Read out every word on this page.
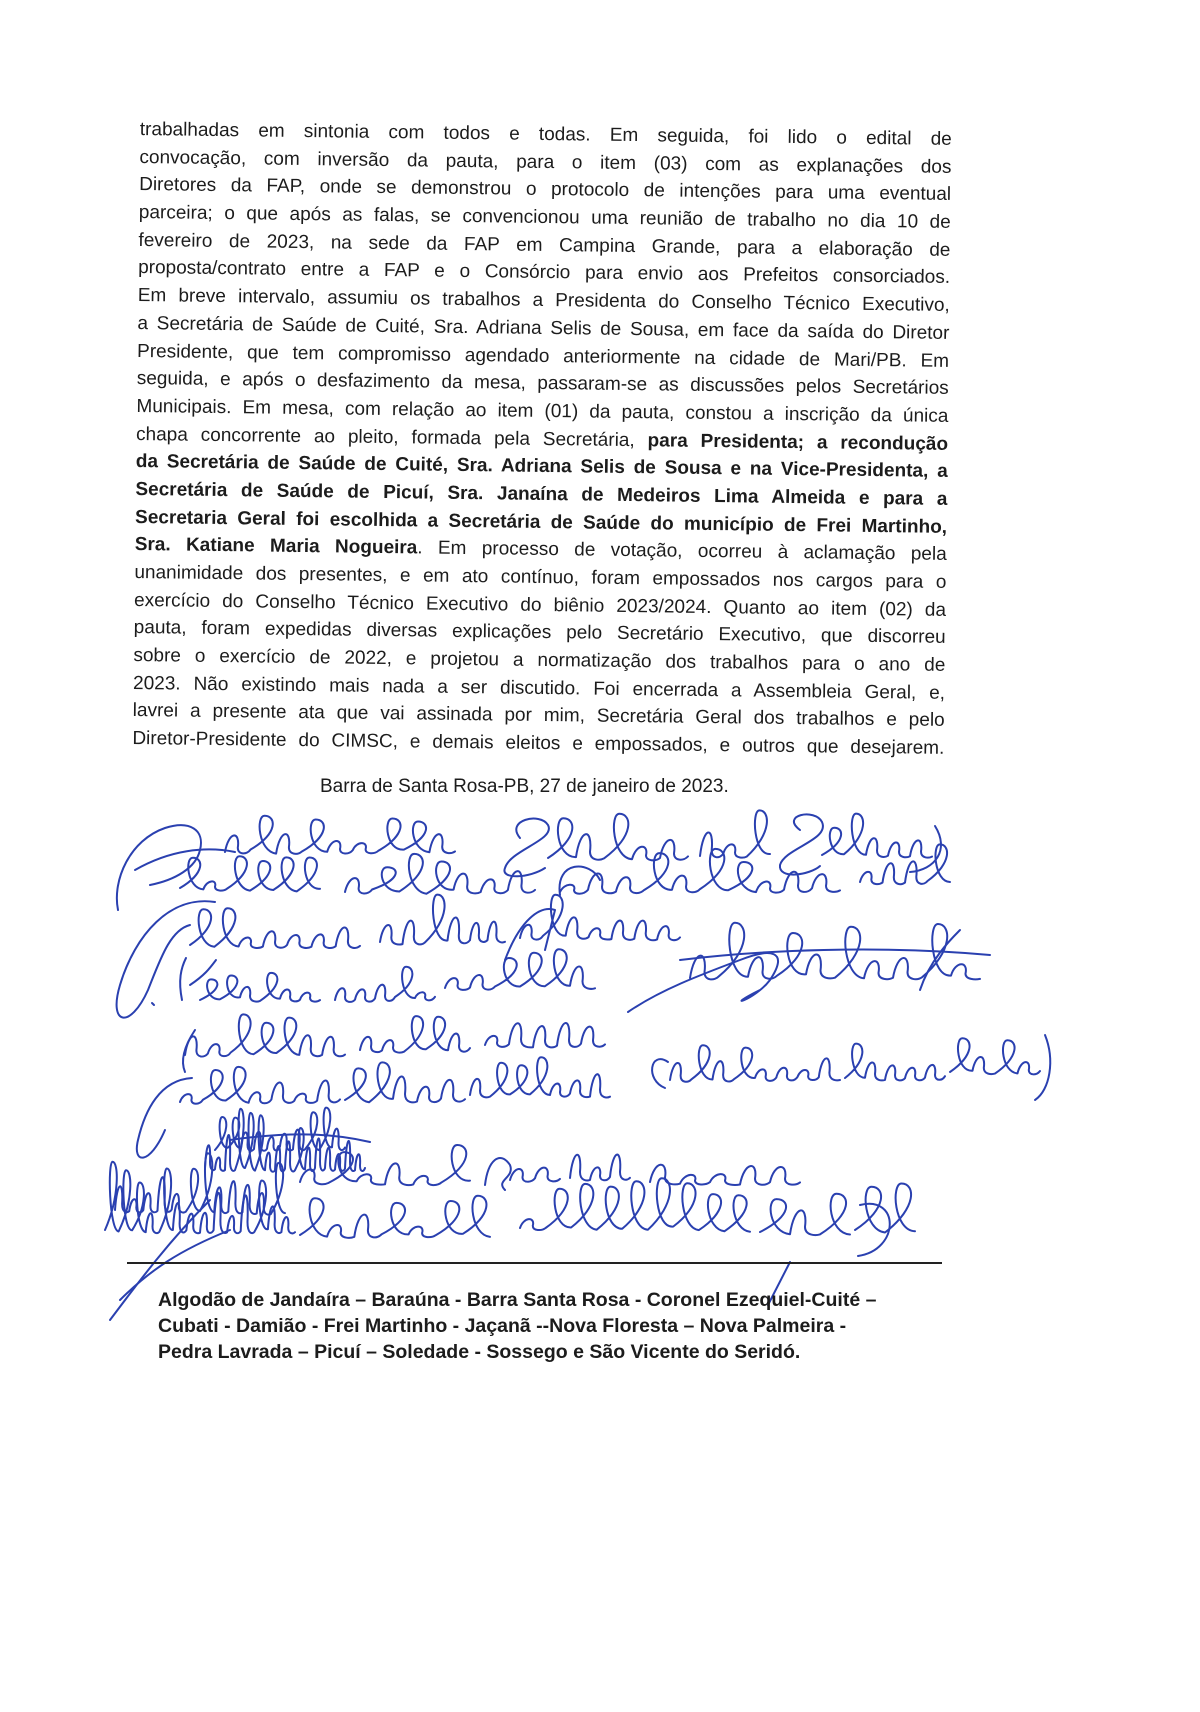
trabalhadas em sintonia com todos e todas. Em seguida, foi lido o edital de
convocação, com inversão da pauta, para o item (03) com as explanações dos
Diretores da FAP, onde se demonstrou o protocolo de intenções para uma eventual
parceira; o que após as falas, se convencionou uma reunião de trabalho no dia 10 de
fevereiro de 2023, na sede da FAP em Campina Grande, para a elaboração de
proposta/contrato entre a FAP e o Consórcio para envio aos Prefeitos consorciados.
Em breve intervalo, assumiu os trabalhos a Presidenta do Conselho Técnico Executivo,
a Secretária de Saúde de Cuité, Sra. Adriana Selis de Sousa, em face da saída do Diretor
Presidente, que tem compromisso agendado anteriormente na cidade de Mari/PB. Em
seguida, e após o desfazimento da mesa, passaram-se as discussões pelos Secretários
Municipais. Em mesa, com relação ao item (01) da pauta, constou a inscrição da única
chapa concorrente ao pleito, formada pela Secretária, para Presidenta; a recondução
da Secretária de Saúde de Cuité, Sra. Adriana Selis de Sousa e na Vice-Presidenta, a
Secretária de Saúde de Picuí, Sra. Janaína de Medeiros Lima Almeida e para a
Secretaria Geral foi escolhida a Secretária de Saúde do município de Frei Martinho,
Sra. Katiane Maria Nogueira. Em processo de votação, ocorreu à aclamação pela
unanimidade dos presentes, e em ato contínuo, foram empossados nos cargos para o
exercício do Conselho Técnico Executivo do biênio 2023/2024. Quanto ao item (02) da
pauta, foram expedidas diversas explicações pelo Secretário Executivo, que discorreu
sobre o exercício de 2022, e projetou a normatização dos trabalhos para o ano de
2023. Não existindo mais nada a ser discutido. Foi encerrada a Assembleia Geral, e,
lavrei a presente ata que vai assinada por mim, Secretária Geral dos trabalhos e pelo
Diretor-Presidente do CIMSC, e demais eleitos e empossados, e outros que desejarem.
Barra de Santa Rosa-PB, 27 de janeiro de 2023.
Algodão de Jandaíra – Baraúna - Barra Santa Rosa - Coronel Ezequiel-Cuité –
Cubati - Damião - Frei Martinho - Jaçanã --Nova Floresta – Nova Palmeira -
Pedra Lavrada – Picuí – Soledade - Sossego e São Vicente do Seridó.
